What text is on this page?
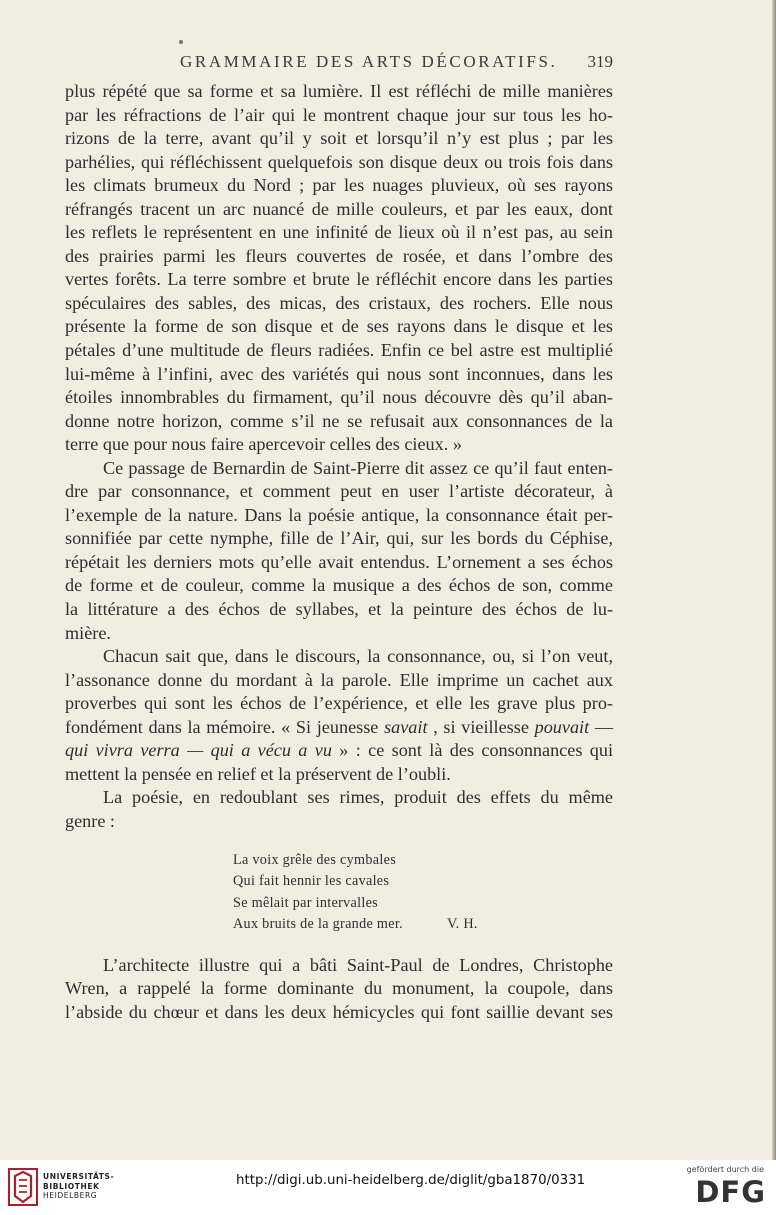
GRAMMAIRE DES ARTS DÉCORATIFS. 319
plus répété que sa forme et sa lumière. Il est réfléchi de mille manières
par les réfractions de l’air qui le montrent chaque jour sur tous les ho-
rizons de la terre, avant qu’il y soit et lorsqu’il n’y est plus ; par les
parhélies, qui réfléchissent quelquefois son disque deux ou trois fois dans
les climats brumeux du Nord ; par les nuages pluvieux, où ses rayons
réfrangés tracent un arc nuancé de mille couleurs, et par les eaux, dont
les reflets le représentent en une infinité de lieux où il n’est pas, au sein
des prairies parmi les fleurs couvertes de rosée, et dans l’ombre des
vertes forêts. La terre sombre et brute le réfléchit encore dans les parties
spéculaires des sables, des micas, des cristaux, des rochers. Elle nous
présente la forme de son disque et de ses rayons dans le disque et les
pétales d’une multitude de fleurs radiées. Enfin ce bel astre est multiplié
lui-même à l’infini, avec des variétés qui nous sont inconnues, dans les
étoiles innombrables du firmament, qu’il nous découvre dès qu’il aban-
donne notre horizon, comme s’il ne se refusait aux consonnances de la
terre que pour nous faire apercevoir celles des cieux. »
Ce passage de Bernardin de Saint-Pierre dit assez ce qu’il faut enten-
dre par consonnance, et comment peut en user l’artiste décorateur, à
l’exemple de la nature. Dans la poésie antique, la consonnance était per-
sonnifiée par cette nymphe, fille de l’Air, qui, sur les bords du Céphise,
répétait les derniers mots qu’elle avait entendus. L’ornement a ses échos
de forme et de couleur, comme la musique a des échos de son, comme
la littérature a des échos de syllabes, et la peinture des échos de lu-
mière.
Chacun sait que, dans le discours, la consonnance, ou, si l’on veut,
l’assonance donne du mordant à la parole. Elle imprime un cachet aux
proverbes qui sont les échos de l’expérience, et elle les grave plus pro-
fondément dans la mémoire. « Si jeunesse savait , si vieillesse pouvait —
qui vivra verra — qui a vécu a vu » : ce sont là des consonnances qui
mettent la pensée en relief et la préservent de l’oubli.
La poésie, en redoublant ses rimes, produit des effets du même
genre :
La voix grêle des cymbales
Qui fait hennir les cavales
Se mêlait par intervalles
Aux bruits de la grande mer.	V. H.
L’architecte illustre qui a bâti Saint-Paul de Londres, Christophe
Wren, a rappelé la forme dominante du monument, la coupole, dans
l’abside du chœur et dans les deux hémicycles qui font saillie devant ses
UNIVERSITÄTS-
BIBLIOTHEK
HEIDELBERG
http://digi.ub.uni-heidelberg.de/diglit/gba1870/0331
gefördert durch die
DFG
